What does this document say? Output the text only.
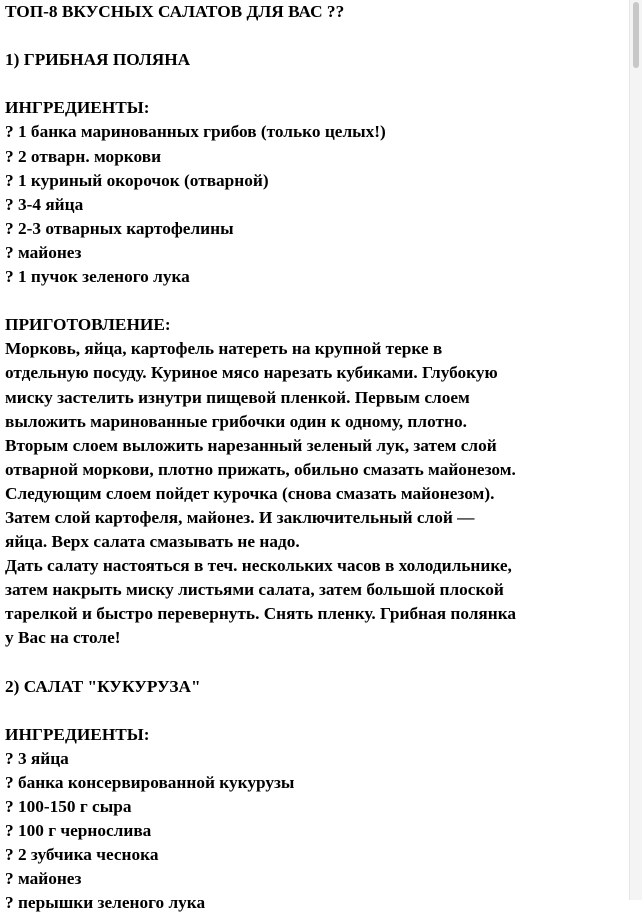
ТОП-8 ВКУСНЫХ САЛАТОВ ДЛЯ ВАС ??
1) ГРИБНАЯ ПОЛЯНА
ИНГРЕДИЕНТЫ:
? 1 банка маринованных грибов (только целых!)
? 2 отварн. моркови
? 1 куриный окорочок (отварной)
? 3-4 яйца
? 2-3 отварных картофелины
? майонез
? 1 пучок зеленого лука
ПРИГОТОВЛЕНИЕ:
Морковь, яйца, картофель натереть на крупной терке в
отдельную посуду. Куриное мясо нарезать кубиками. Глубокую
миску застелить изнутри пищевой пленкой. Первым слоем
выложить маринованные грибочки один к одному, плотно.
Вторым слоем выложить нарезанный зеленый лук, затем слой
отварной моркови, плотно прижать, обильно смазать майонезом.
Следующим слоем пойдет курочка (снова смазать майонезом).
Затем слой картофеля, майонез. И заключительный слой —
яйца. Верх салата смазывать не надо.
Дать салату настояться в теч. нескольких часов в холодильнике,
затем накрыть миску листьями салата, затем большой плоской
тарелкой и быстро перевернуть. Снять пленку. Грибная полянка
у Вас на столе!
2) САЛАТ "КУКУРУЗА"
ИНГРЕДИЕНТЫ:
? 3 яйца
? банка консервированной кукурузы
? 100-150 г сыра
? 100 г чернослива
? 2 зубчика чеснока
? майонез
? перышки зеленого лука
